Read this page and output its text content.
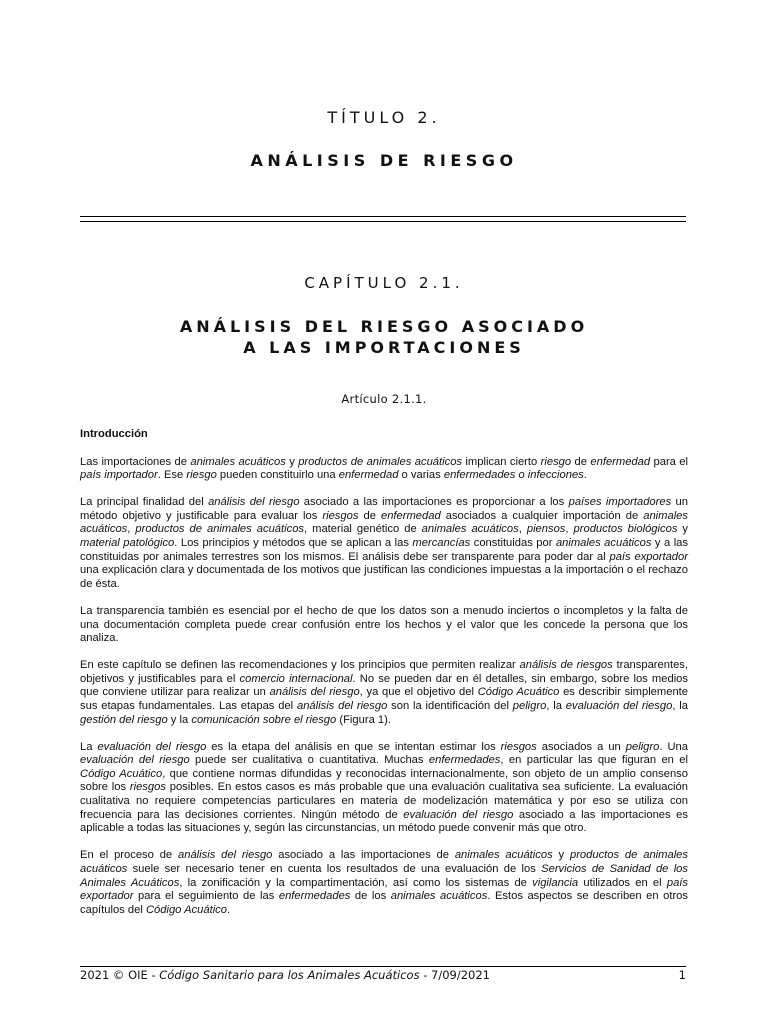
TÍTULO 2.
ANÁLISIS DE RIESGO
CAPÍTULO 2.1.
ANÁLISIS DEL RIESGO ASOCIADO
A LAS IMPORTACIONES
Artículo 2.1.1.
Introducción

Las importaciones de animales acuáticos y productos de animales acuáticos implican cierto riesgo de enfermedad para el país importador. Ese riesgo pueden constituirlo una enfermedad o varias enfermedades o infecciones.

La principal finalidad del análisis del riesgo asociado a las importaciones es proporcionar a los países importadores un método objetivo y justificable para evaluar los riesgos de enfermedad asociados a cualquier importación de animales acuáticos, productos de animales acuáticos, material genético de animales acuáticos, piensos, productos biológicos y material patológico. Los principios y métodos que se aplican a las mercancías constituidas por animales acuáticos y a las constituidas por animales terrestres son los mismos. El análisis debe ser transparente para poder dar al país exportador una explicación clara y documentada de los motivos que justifican las condiciones impuestas a la importación o el rechazo de ésta.

La transparencia también es esencial por el hecho de que los datos son a menudo inciertos o incompletos y la falta de una documentación completa puede crear confusión entre los hechos y el valor que les concede la persona que los analiza.

En este capítulo se definen las recomendaciones y los principios que permiten realizar análisis de riesgos transparentes, objetivos y justificables para el comercio internacional. No se pueden dar en él detalles, sin embargo, sobre los medios que conviene utilizar para realizar un análisis del riesgo, ya que el objetivo del Código Acuático es describir simplemente sus etapas fundamentales. Las etapas del análisis del riesgo son la identificación del peligro, la evaluación del riesgo, la gestión del riesgo y la comunicación sobre el riesgo (Figura 1).

La evaluación del riesgo es la etapa del análisis en que se intentan estimar los riesgos asociados a un peligro. Una evaluación del riesgo puede ser cualitativa o cuantitativa. Muchas enfermedades, en particular las que figuran en el Código Acuático, que contiene normas difundidas y reconocidas internacionalmente, son objeto de un amplio consenso sobre los riesgos posibles. En estos casos es más probable que una evaluación cualitativa sea suficiente. La evaluación cualitativa no requiere competencias particulares en materia de modelización matemática y por eso se utiliza con frecuencia para las decisiones corrientes. Ningún método de evaluación del riesgo asociado a las importaciones es aplicable a todas las situaciones y, según las circunstancias, un método puede convenir más que otro.

En el proceso de análisis del riesgo asociado a las importaciones de animales acuáticos y productos de animales acuáticos suele ser necesario tener en cuenta los resultados de una evaluación de los Servicios de Sanidad de los Animales Acuáticos, la zonificación y la compartimentación, así como los sistemas de vigilancia utilizados en el país exportador para el seguimiento de las enfermedades de los animales acuáticos. Estos aspectos se describen en otros capítulos del Código Acuático.

2021 © OIE - Código Sanitario para los Animales Acuáticos - 7/09/2021	1
